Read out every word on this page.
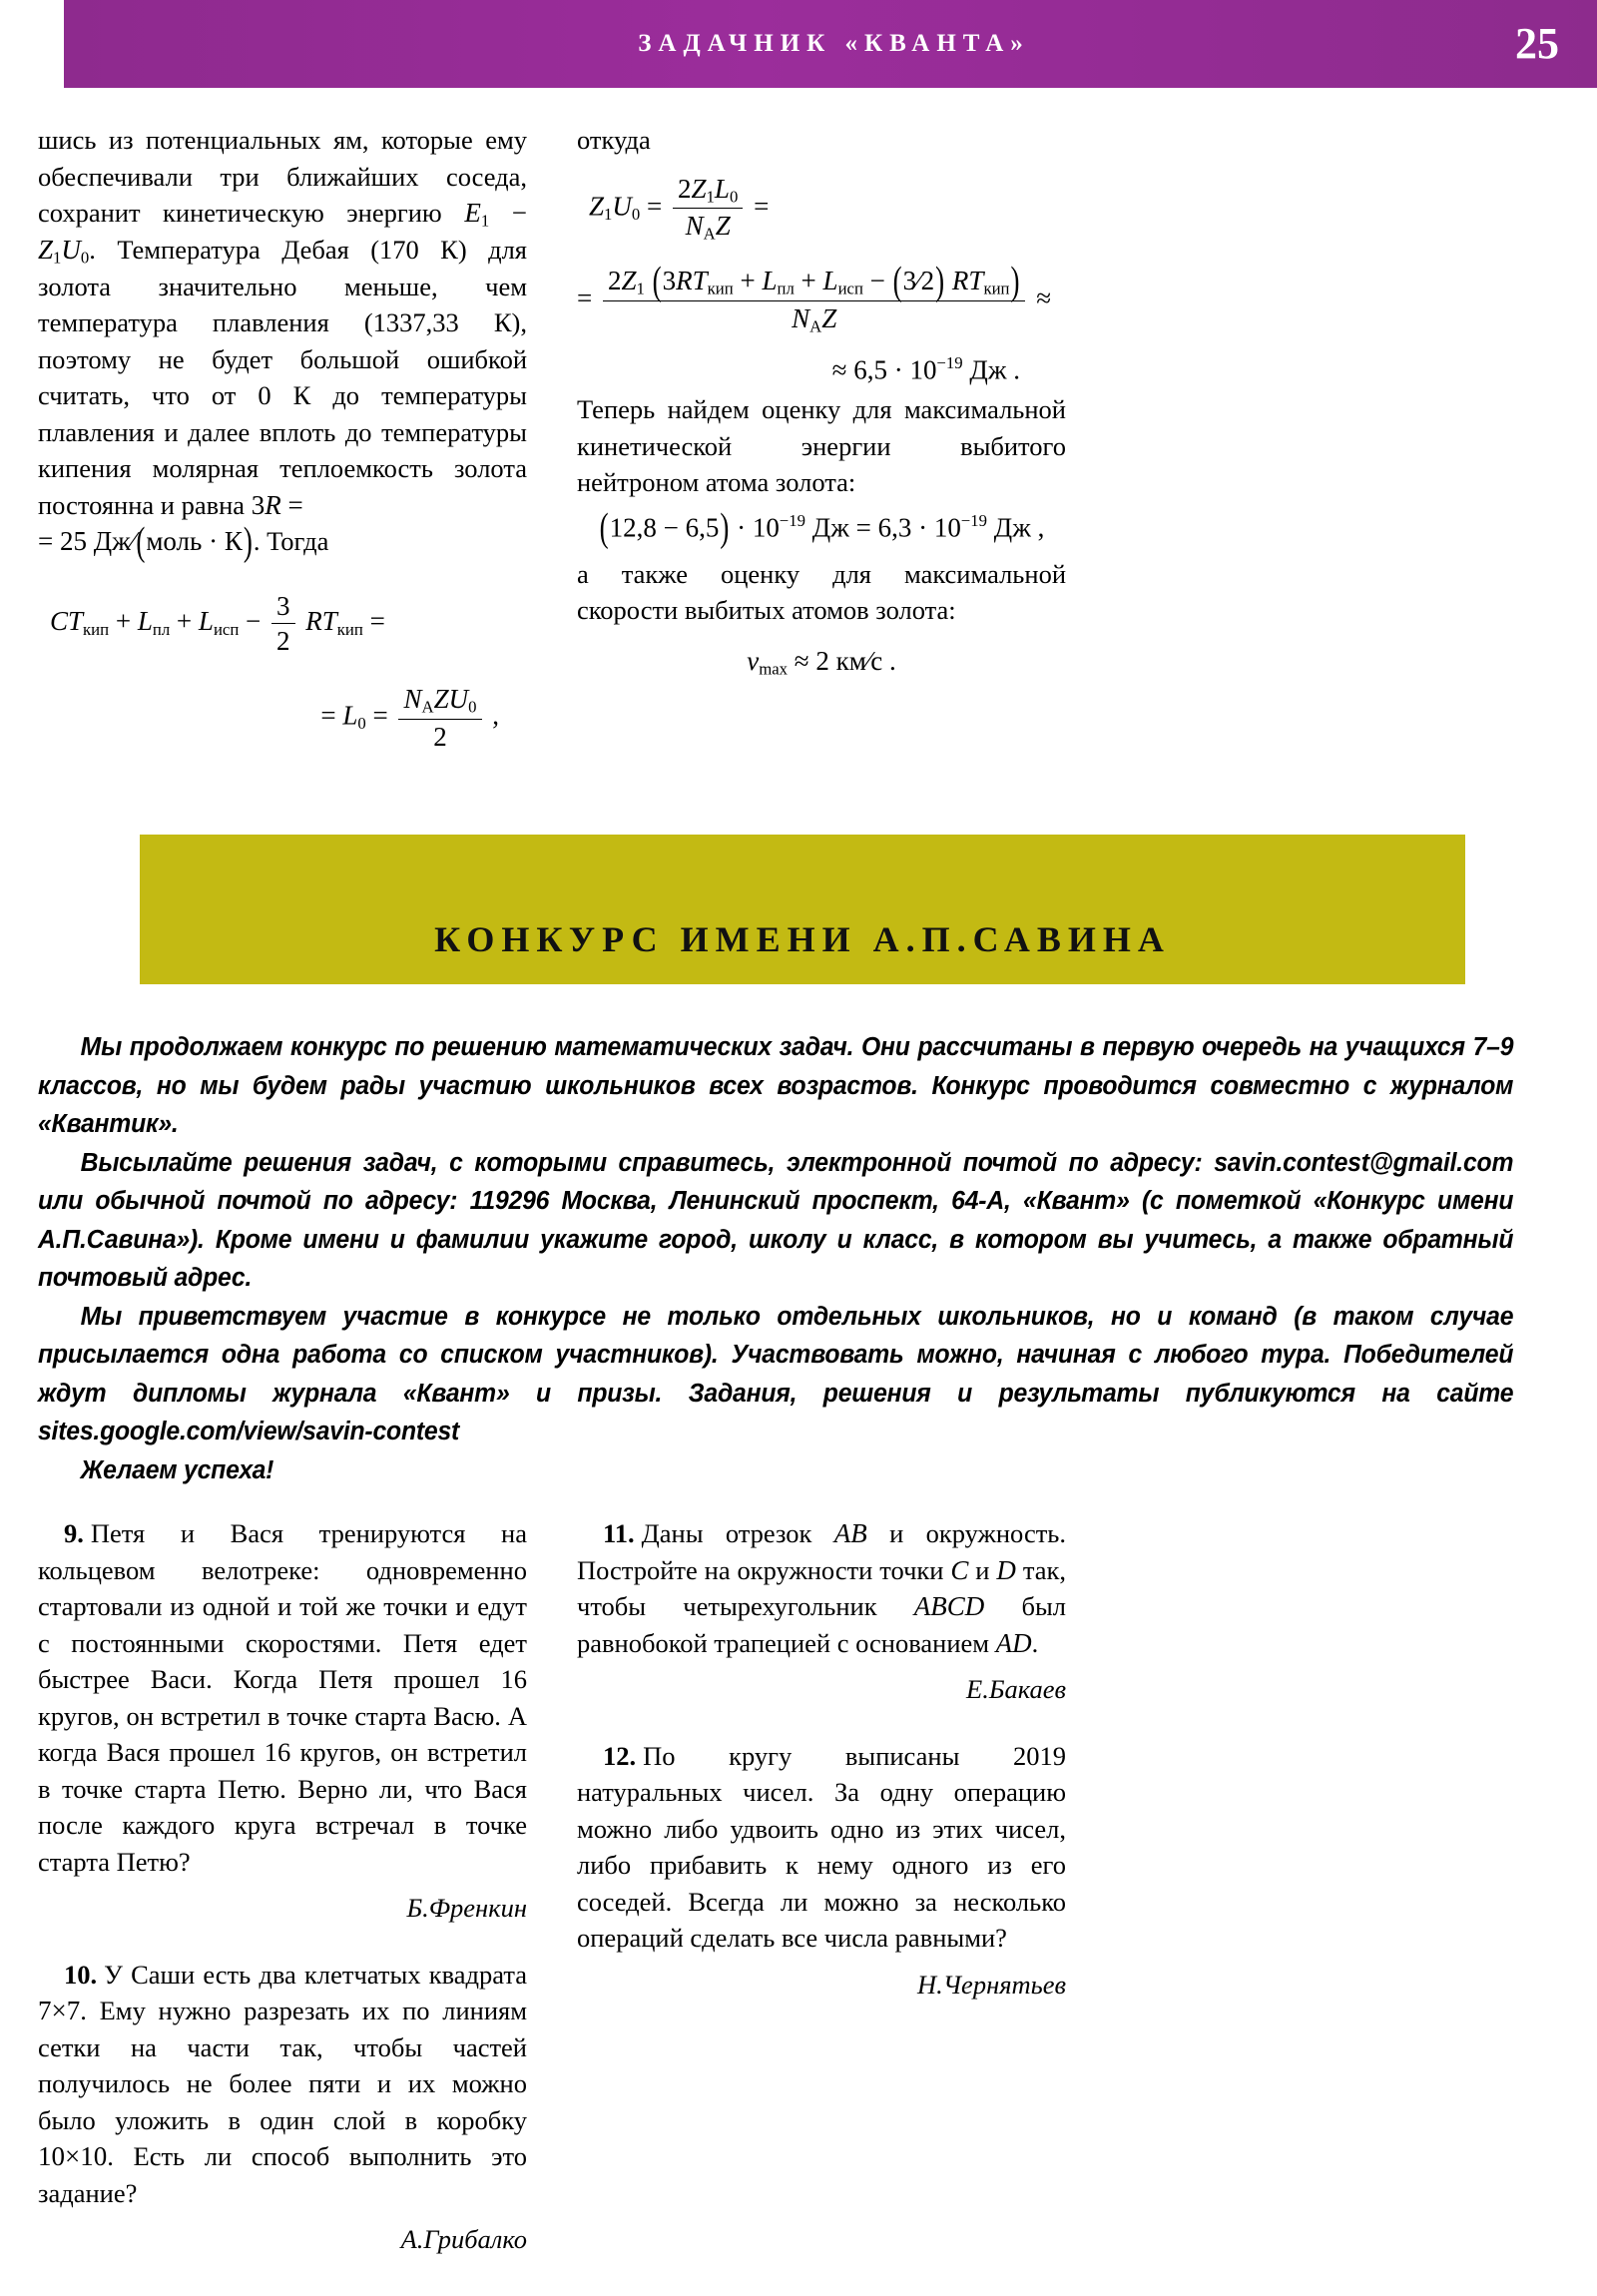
ЗАДАЧНИК «КВАНТА»	25

шись из потенциальных ям, которые ему обеспечивали три ближайших соседа, сохранит кинетическую энергию $E_1 - Z_1U_0$. Температура Дебая (170 К) для золота значительно меньше, чем температура плавления (1337,33 К), поэтому не будет большой ошибкой считать, что от 0 К до температуры плавления и далее вплоть до температуры кипения молярная теплоемкость золота постоянна и равна 3R =
= 25 Дж⁄(моль · К). Тогда

$CT_{кип} + L_{пл} + L_{исп} - \frac{3}{2} RT_{кип}$ =
= $L_0 = \frac{N_AZU_0}{2}$ ,

откуда

$Z_1U_0 = \frac{2Z_1L_0}{N_AZ}$ =
= $\frac{2Z_1 (3RT_{кип} + L_{пл} + L_{исп} - (3⁄2) RT_{кип})}{N_AZ}$ ≈
≈ $6,5 \cdot 10^{-19}$ Дж .

Теперь найдем оценку для максимальной кинетической энергии выбитого нейтроном атома золота:

$(12,8 - 6,5) \cdot 10^{-19}$ Дж = $6,3 \cdot 10^{-19}$ Дж ,

а также оценку для максимальной скорости выбитых атомов золота:

$v_{max} \approx 2$ км⁄с .
КОНКУРС ИМЕНИ А.П.САВИНА

Мы продолжаем конкурс по решению математических задач. Они рассчитаны в первую очередь на учащихся 7–9 классов, но мы будем рады участию школьников всех возрастов. Конкурс проводится совместно с журналом «Квантик».

Высылайте решения задач, с которыми справитесь, электронной почтой по адресу: savin.contest@gmail.com или обычной почтой по адресу: 119296 Москва, Ленинский проспект, 64-А, «Квант» (с пометкой «Конкурс имени А.П.Савина»). Кроме имени и фамилии укажите город, школу и класс, в котором вы учитесь, а также обратный почтовый адрес.

Мы приветствуем участие в конкурсе не только отдельных школьников, но и команд (в таком случае присылается одна работа со списком участников). Участвовать можно, начиная с любого тура. Победителей ждут дипломы журнала «Квант» и призы. Задания, решения и результаты публикуются на сайте sites.google.com/view/savin-contest

Желаем успеха!

9. Петя и Вася тренируются на кольцевом велотреке: одновременно стартовали из одной и той же точки и едут с постоянными скоростями. Петя едет быстрее Васи. Когда Петя прошел 16 кругов, он встретил в точке старта Васю. А когда Вася прошел 16 кругов, он встретил в точке старта Петю. Верно ли, что Вася после каждого круга встречал в точке старта Петю?

Б.Френкин

10. У Саши есть два клетчатых квадрата 7×7. Ему нужно разрезать их по линиям сетки на части так, чтобы частей получилось не более пяти и их можно было уложить в один слой в коробку 10×10. Есть ли способ выполнить это задание?

А.Грибалко

11. Даны отрезок AB и окружность. Постройте на окружности точки C и D так, чтобы четырехугольник ABCD был равнобокой трапецией с основанием AD.

Е.Бакаев

12. По кругу выписаны 2019 натуральных чисел. За одну операцию можно либо удвоить одно из этих чисел, либо прибавить к нему одного из его соседей. Всегда ли можно за несколько операций сделать все числа равными?

Н.Чернятьев
